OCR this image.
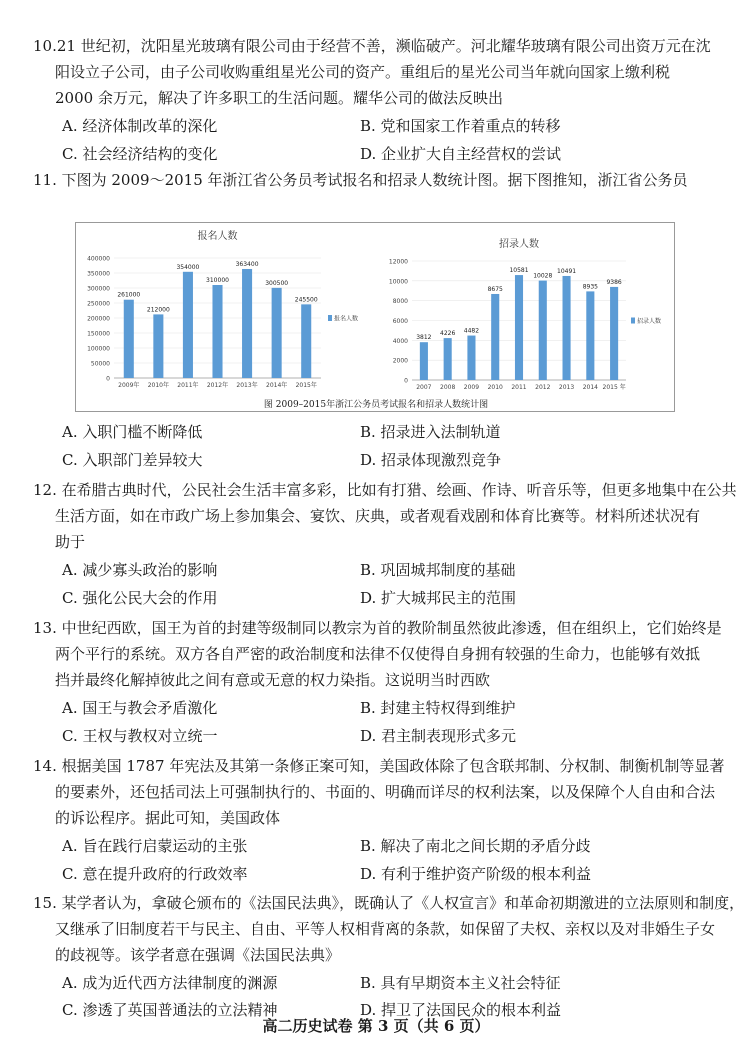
10.21 世纪初，沈阳星光玻璃有限公司由于经营不善，濒临破产。河北耀华玻璃有限公司出资万元在沈
阳设立子公司，由子公司收购重组星光公司的资产。重组后的星光公司当年就向国家上缴利税
2000 余万元，解决了许多职工的生活问题。耀华公司的做法反映出
A. 经济体制改革的深化	B. 党和国家工作着重点的转移
C. 社会经济结构的变化	D. 企业扩大自主经营权的尝试
11. 下图为 2009～2015 年浙江省公务员考试报名和招录人数统计图。据下图推知，浙江省公务员
报名人数
0
50000
100000
150000
200000
250000
300000
350000
400000
261000
2009年
212000
2010年
354000
2011年
310000
2012年
363400
2013年
300500
2014年
245500
2015年
报名人数
招录人数
0
2000
4000
6000
8000
10000
12000
3812
2007
4226
2008
4482
2009
8675
2010
10581
2011
10028
2012
10491
2013
8935
2014
9386
2015 年
招录人数
图 2009–2015年浙江公务员考试报名和招录人数统计图
A. 入职门槛不断降低	B. 招录进入法制轨道
C. 入职部门差异较大	D. 招录体现激烈竞争
12. 在希腊古典时代，公民社会生活丰富多彩，比如有打猎、绘画、作诗、听音乐等，但更多地集中在公共
生活方面，如在市政广场上参加集会、宴饮、庆典，或者观看戏剧和体育比赛等。材料所述状况有
助于
A. 减少寡头政治的影响	B. 巩固城邦制度的基础
C. 强化公民大会的作用	D. 扩大城邦民主的范围
13. 中世纪西欧，国王为首的封建等级制同以教宗为首的教阶制虽然彼此渗透，但在组织上，它们始终是
两个平行的系统。双方各自严密的政治制度和法律不仅使得自身拥有较强的生命力，也能够有效抵
挡并最终化解掉彼此之间有意或无意的权力染指。这说明当时西欧
A. 国王与教会矛盾激化	B. 封建主特权得到维护
C. 王权与教权对立统一	D. 君主制表现形式多元
14. 根据美国 1787 年宪法及其第一条修正案可知，美国政体除了包含联邦制、分权制、制衡机制等显著
的要素外，还包括司法上可强制执行的、书面的、明确而详尽的权利法案，以及保障个人自由和合法
的诉讼程序。据此可知，美国政体
A. 旨在践行启蒙运动的主张	B. 解决了南北之间长期的矛盾分歧
C. 意在提升政府的行政效率	D. 有利于维护资产阶级的根本利益
15. 某学者认为，拿破仑颁布的《法国民法典》，既确认了《人权宣言》和革命初期激进的立法原则和制度，
又继承了旧制度若干与民主、自由、平等人权相背离的条款，如保留了夫权、亲权以及对非婚生子女
的歧视等。该学者意在强调《法国民法典》
A. 成为近代西方法律制度的渊源	B. 具有早期资本主义社会特征
C. 渗透了英国普通法的立法精神	D. 捍卫了法国民众的根本利益
高二历史试卷 第 3 页（共 6 页）
